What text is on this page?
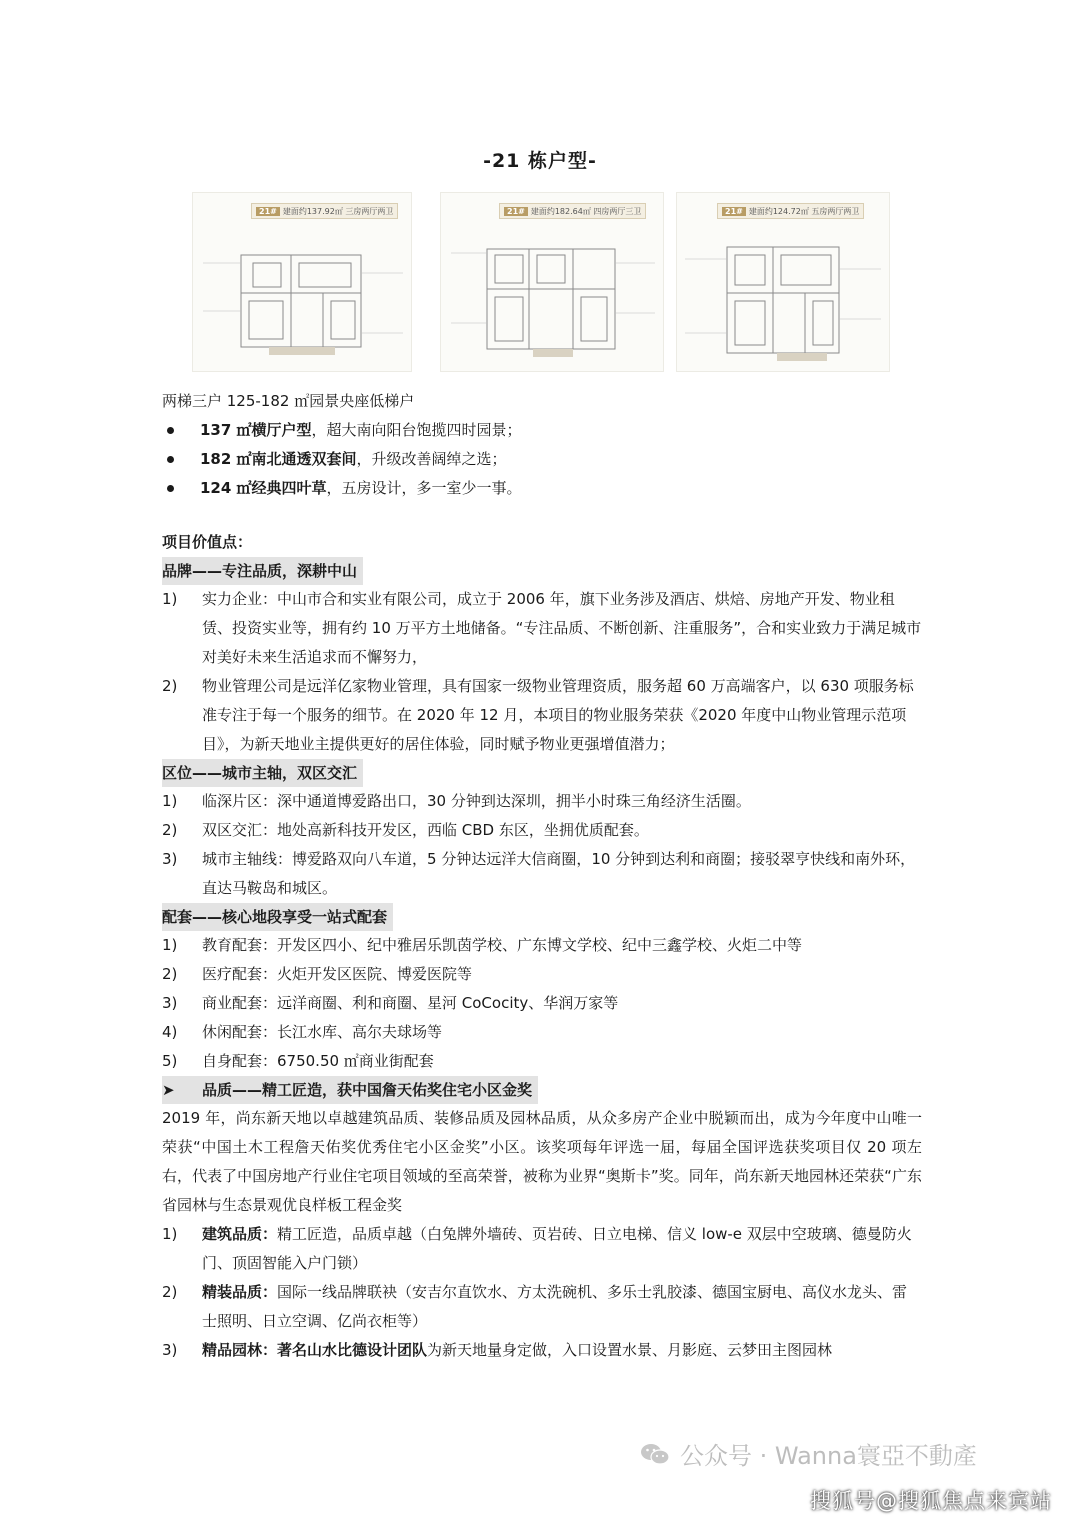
-21 栋户型-
21# 建面约137.92㎡ 三房两厅两卫	21# 建面约182.64㎡ 四房两厅三卫	21# 建面约124.72㎡ 五房两厅两卫
两梯三户 125-182 ㎡园景央座低梯户
137 ㎡横厅户型 ，超大南向阳台饱揽四时园景；
182 ㎡南北通透双套间 ，升级改善阔绰之选；
124 ㎡经典四叶草 ，五房设计，多一室少一事。
项目价值点：
品牌——专注品质，深耕中山
1)	实力企业：中山市合和实业有限公司，成立于 2006 年，旗下业务涉及酒店、烘焙、房地产开发、物业租赁、投资实业等，拥有约 10 万平方土地储备。“专注品质、不断创新、注重服务”，合和实业致力于满足城市对美好未来生活追求而不懈努力，
2)	物业管理公司是远洋亿家物业管理，具有国家一级物业管理资质，服务超 60 万高端客户，以 630 项服务标准专注于每一个服务的细节。在 2020 年 12 月，本项目的物业服务荣获《2020 年度中山物业管理示范项目》，为新天地业主提供更好的居住体验，同时赋予物业更强增值潜力；
区位——城市主轴，双区交汇
1)	临深片区：深中通道博爱路出口，30 分钟到达深圳，拥半小时珠三角经济生活圈。
2)	双区交汇：地处高新科技开发区，西临 CBD 东区，坐拥优质配套。
3)	城市主轴线：博爱路双向八车道，5 分钟达远洋大信商圈，10 分钟到达利和商圈；接驳翠亨快线和南外环，直达马鞍岛和城区。
配套——核心地段享受一站式配套
1)	教育配套：开发区四小、纪中雅居乐凯茵学校、广东博文学校、纪中三鑫学校、火炬二中等
2)	医疗配套：火炬开发区医院、博爱医院等
3)	商业配套：远洋商圈、利和商圈、星河 CoCocity、华润万家等
4)	休闲配套：长江水库、高尔夫球场等
5)	自身配套：6750.50 ㎡商业街配套
➤ 品质——精工匠造，获中国詹天佑奖住宅小区金奖
2019 年，尚东新天地以卓越建筑品质、装修品质及园林品质，从众多房产企业中脱颖而出，成为今年度中山唯一荣获“中国土木工程詹天佑奖优秀住宅小区金奖”小区。该奖项每年评选一届，每届全国评选获奖项目仅 20 项左右，代表了中国房地产行业住宅项目领域的至高荣誉，被称为业界“奥斯卡”奖。同年，尚东新天地园林还荣获“广东省园林与生态景观优良样板工程金奖
1)	建筑品质：精工匠造，品质卓越（白兔牌外墙砖、页岩砖、日立电梯、信义 low-e 双层中空玻璃、德曼防火门、顶固智能入户门锁）
2)	精装品质：国际一线品牌联袂（安吉尔直饮水、方太洗碗机、多乐士乳胶漆、德国宝厨电、高仪水龙头、雷士照明、日立空调、亿尚衣柜等）
3)	精品园林：著名山水比德设计团队为新天地量身定做，入口设置水景、月影庭、云梦田主图园林
公众号 · Wanna寰亞不動產
搜狐号@搜狐焦点来宾站
